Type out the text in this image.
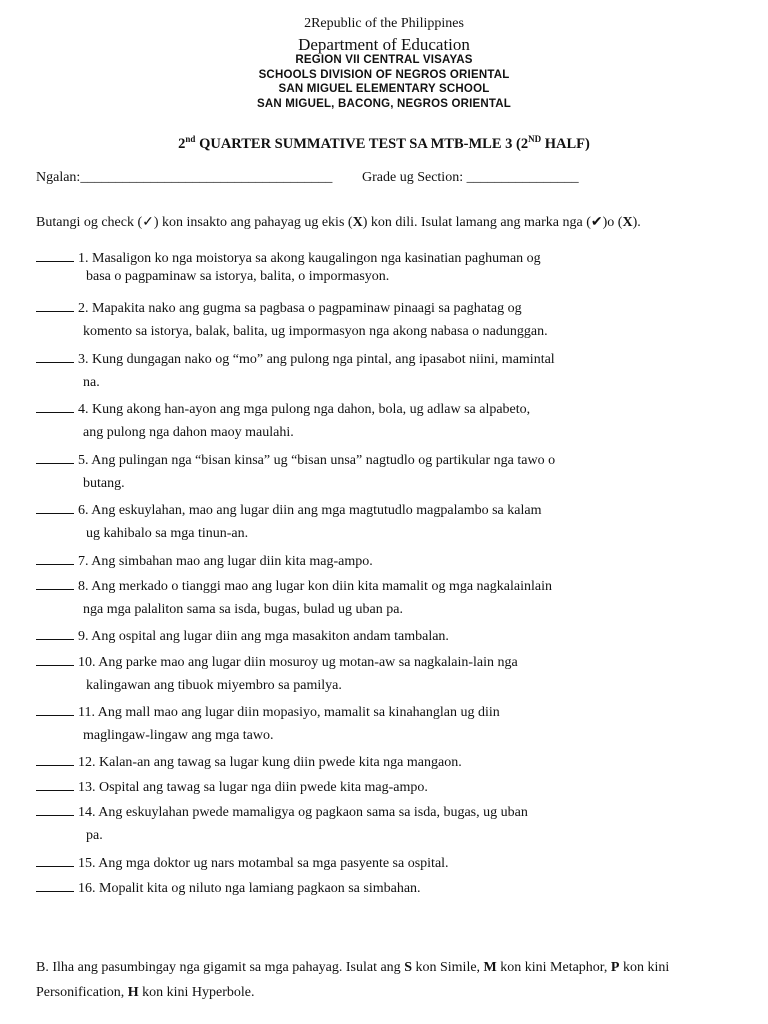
2Republic of the Philippines
Department of Education
REGION VII CENTRAL VISAYAS
SCHOOLS DIVISION OF NEGROS ORIENTAL
SAN MIGUEL ELEMENTARY SCHOOL
SAN MIGUEL, BACONG, NEGROS ORIENTAL
2nd QUARTER SUMMATIVE TEST SA MTB-MLE 3 (2ND HALF)
Ngalan:____________________________________ Grade ug Section: ________________
Butangi og check (✓) kon insakto ang pahayag ug ekis (X) kon dili. Isulat lamang ang marka nga (✔)o (X).
1. Masaligon ko nga moistorya sa akong kaugalingon nga kasinatian paghuman og
basa o pagpaminaw sa istorya, balita, o impormasyon.
2. Mapakita nako ang gugma sa pagbasa o pagpaminaw pinaagi sa paghatag og
komento sa istorya, balak, balita, ug impormasyon nga akong nabasa o nadunggan.
3. Kung dungagan nako og “mo” ang pulong nga pintal, ang ipasabot niini, mamintal
na.
4. Kung akong han-ayon ang mga pulong nga dahon, bola, ug adlaw sa alpabeto,
ang pulong nga dahon maoy maulahi.
5. Ang pulingan nga “bisan kinsa” ug “bisan unsa” nagtudlo og partikular nga tawo o
butang.
6. Ang eskuylahan, mao ang lugar diin ang mga magtutudlo magpalambo sa kalam
ug kahibalo sa mga tinun-an.
7. Ang simbahan mao ang lugar diin kita mag-ampo.
8. Ang merkado o tianggi mao ang lugar kon diin kita mamalit og mga nagkalainlain
nga mga palaliton sama sa isda, bugas, bulad ug uban pa.
9. Ang ospital ang lugar diin ang mga masakiton andam tambalan.
10. Ang parke mao ang lugar diin mosuroy ug motan-aw sa nagkalain-lain nga
kalingawan ang tibuok miyembro sa pamilya.
11. Ang mall mao ang lugar diin mopasiyo, mamalit sa kinahanglan ug diin
maglingaw-lingaw ang mga tawo.
12. Kalan-an ang tawag sa lugar kung diin pwede kita nga mangaon.
13. Ospital ang tawag sa lugar nga diin pwede kita mag-ampo.
14. Ang eskuylahan pwede mamaligya og pagkaon sama sa isda, bugas, ug uban
pa.
15. Ang mga doktor ug nars motambal sa mga pasyente sa ospital.
16. Mopalit kita og niluto nga lamiang pagkaon sa simbahan.
B. Ilha ang pasumbingay nga gigamit sa mga pahayag. Isulat ang S kon Simile, M kon kini Metaphor, P kon kini Personification, H kon kini Hyperbole.
